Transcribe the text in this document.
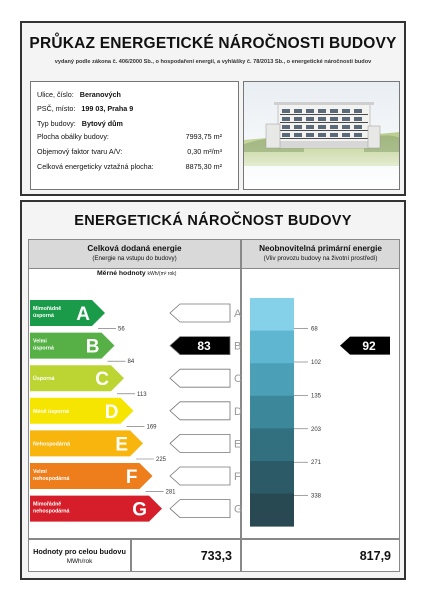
PRŮKAZ ENERGETICKÉ NÁROČNOSTI BUDOVY
vydaný podle zákona č. 406/2000 Sb., o hospodaření energií, a vyhlášky č. 78/2013 Sb., o energetické náročnosti budov
Ulice, číslo: Beranových
PSČ, místo: 199 03, Praha 9
Typ budovy: Bytový dům
Plocha obálky budovy:	7993,75 m²
Objemový faktor tvaru A/V:	0,30 m²/m³
Celková energeticky vztažná plocha:	8875,30 m²
ENERGETICKÁ NÁROČNOST BUDOVY
Celková dodaná energie
(Energie na vstupu do budovy)
Neobnovitelná primární energie
(Vliv provozu budovy na životní prostředí)
Měrné hodnoty kWh/(m² rok)
Mimořádně
úsporná A	A
Velmi
úsporná B	83 B	92
Úsporná C	C
Méně úsporná D	D
Nehospodárná E	E
Velmi
nehospodárná	F	F
Mimořádně
nehospodárná	G	G
56
84
113
169
225
281
68
102
135
203
271
338
Hodnoty pro celou budovu
MWh/rok	733,3	817,9
